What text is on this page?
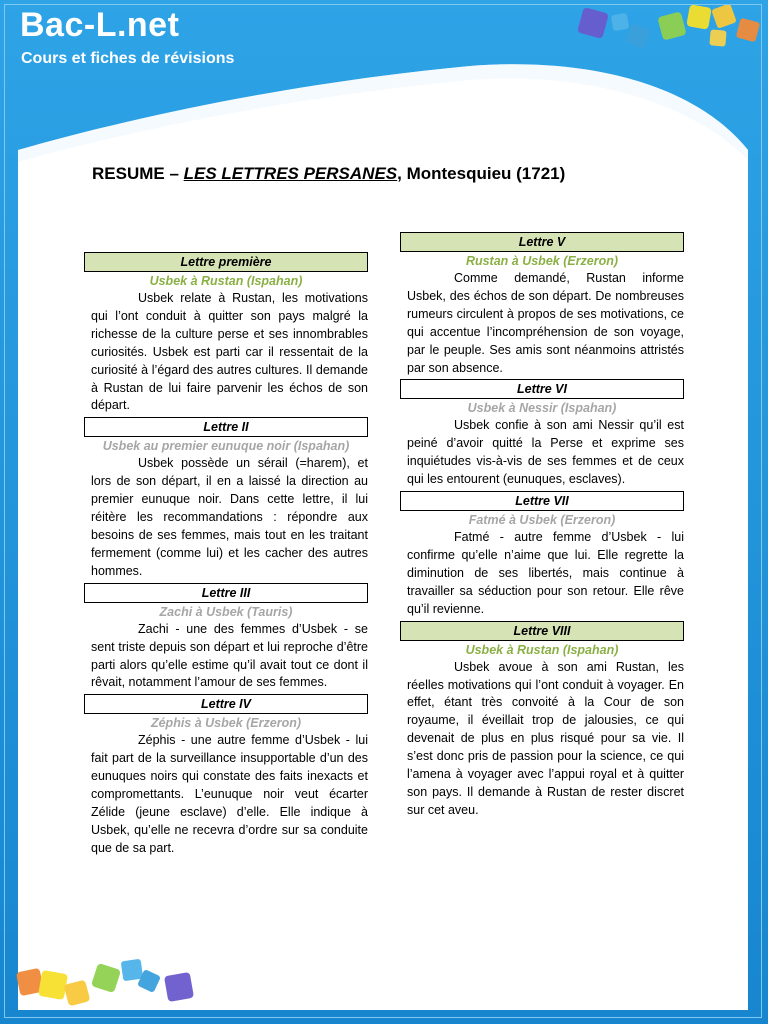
Bac-L.net
Cours et fiches de révisions
RESUME – LES LETTRES PERSANES, Montesquieu (1721)
Lettre première
Usbek à Rustan (Ispahan)

Usbek relate à Rustan, les motivations qui l’ont conduit à quitter son pays malgré la richesse de la culture perse et ses innombrables curiosités. Usbek est parti car il ressentait de la curiosité à l’égard des autres cultures. Il demande à Rustan de lui faire parvenir les échos de son départ.

Lettre II
Usbek au premier eunuque noir (Ispahan)

Usbek possède un sérail (=harem), et lors de son départ, il en a laissé la direction au premier eunuque noir. Dans cette lettre, il lui réitère les recommandations : répondre aux besoins de ses femmes, mais tout en les traitant fermement (comme lui) et les cacher des autres hommes.

Lettre III
Zachi à Usbek (Tauris)

Zachi - une des femmes d’Usbek - se sent triste depuis son départ et lui reproche d’être parti alors qu’elle estime qu’il avait tout ce dont il rêvait, notamment l’amour de ses femmes.

Lettre IV
Zéphis à Usbek (Erzeron)

Zéphis - une autre femme d’Usbek - lui fait part de la surveillance insupportable d’un des eunuques noirs qui constate des faits inexacts et compromettants. L’eunuque noir veut écarter Zélide (jeune esclave) d’elle. Elle indique à Usbek, qu’elle ne recevra d’ordre sur sa conduite que de sa part.

Lettre V
Rustan à Usbek (Erzeron)

Comme demandé, Rustan informe Usbek, des échos de son départ. De nombreuses rumeurs circulent à propos de ses motivations, ce qui accentue l’incompréhension de son voyage, par le peuple. Ses amis sont néanmoins attristés par son absence.

Lettre VI
Usbek à Nessir (Ispahan)

Usbek confie à son ami Nessir qu’il est peiné d’avoir quitté la Perse et exprime ses inquiétudes vis-à-vis de ses femmes et de ceux qui les entourent (eunuques, esclaves).

Lettre VII
Fatmé à Usbek (Erzeron)

Fatmé - autre femme d’Usbek - lui confirme qu’elle n’aime que lui. Elle regrette la diminution de ses libertés, mais continue à travailler sa séduction pour son retour. Elle rêve qu’il revienne.

Lettre VIII
Usbek à Rustan (Ispahan)

Usbek avoue à son ami Rustan, les réelles motivations qui l’ont conduit à voyager. En effet, étant très convoité à la Cour de son royaume, il éveillait trop de jalousies, ce qui devenait de plus en plus risqué pour sa vie. Il s’est donc pris de passion pour la science, ce qui l’amena à voyager avec l’appui royal et à quitter son pays. Il demande à Rustan de rester discret sur cet aveu.
